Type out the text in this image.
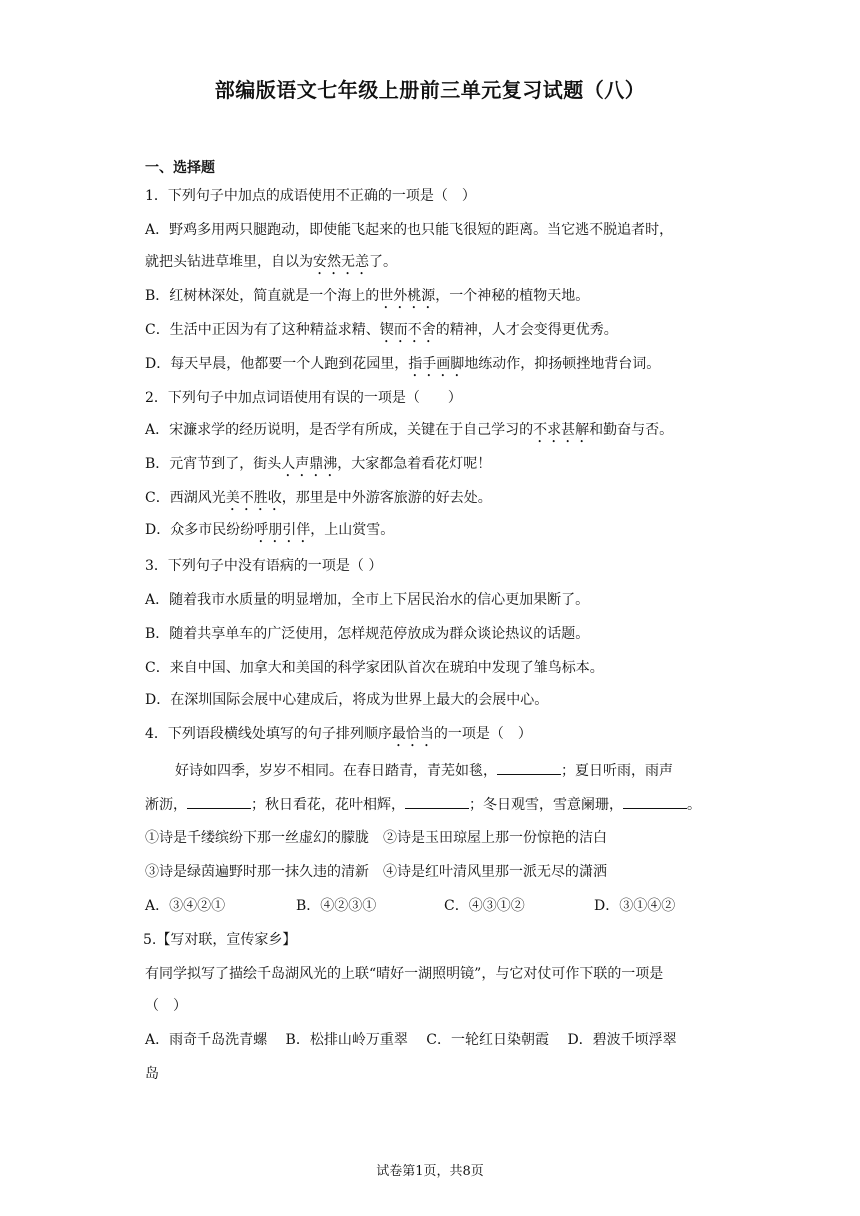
部编版语文七年级上册前三单元复习试题（八）
一、选择题
1．下列句子中加点的成语使用不正确的一项是（　）
A．野鸡多用两只腿跑动，即使能飞起来的也只能飞很短的距离。当它逃不脱追者时，
就把头钻进草堆里，自以为安然无恙了。
B．红树林深处，简直就是一个海上的世外桃源，一个神秘的植物天地。
C．生活中正因为有了这种精益求精、锲而不舍的精神，人才会变得更优秀。
D．每天早晨，他都要一个人跑到花园里，指手画脚地练动作，抑扬顿挫地背台词。
2．下列句子中加点词语使用有误的一项是（　　）
A．宋濂求学的经历说明，是否学有所成，关键在于自己学习的不求甚解和勤奋与否。
B．元宵节到了，街头人声鼎沸，大家都急着看花灯呢！
C．西湖风光美不胜收，那里是中外游客旅游的好去处。
D．众多市民纷纷呼朋引伴，上山赏雪。
3．下列句子中没有语病的一项是（ ）
A．随着我市水质量的明显增加，全市上下居民治水的信心更加果断了。
B．随着共享单车的广泛使用，怎样规范停放成为群众谈论热议的话题。
C．来自中国、加拿大和美国的科学家团队首次在琥珀中发现了雏鸟标本。
D．在深圳国际会展中心建成后，将成为世界上最大的会展中心。
4．下列语段横线处填写的句子排列顺序最恰当的一项是（　）
好诗如四季，岁岁不相同。在春日踏青，青芜如毯，	；夏日听雨，雨声
淅沥，	；秋日看花，花叶相辉，	；冬日观雪，雪意阑珊，	。
①诗是千缕缤纷下那一丝虚幻的朦胧　②诗是玉田琼屋上那一份惊艳的洁白
③诗是绿茵遍野时那一抹久违的清新　④诗是红叶清风里那一派无尽的潇洒
A．③④②①	B．④②③①	C．④③①②	D．③①④②
5.【写对联，宣传家乡】
有同学拟写了描绘千岛湖风光的上联“晴好一湖照明镜”，与它对仗可作下联的一项是
（　）
A．雨奇千岛洗青螺　 B．松排山岭万重翠　 C．一轮红日染朝霞　 D．碧波千顷浮翠
岛
试卷第1页，共8页
